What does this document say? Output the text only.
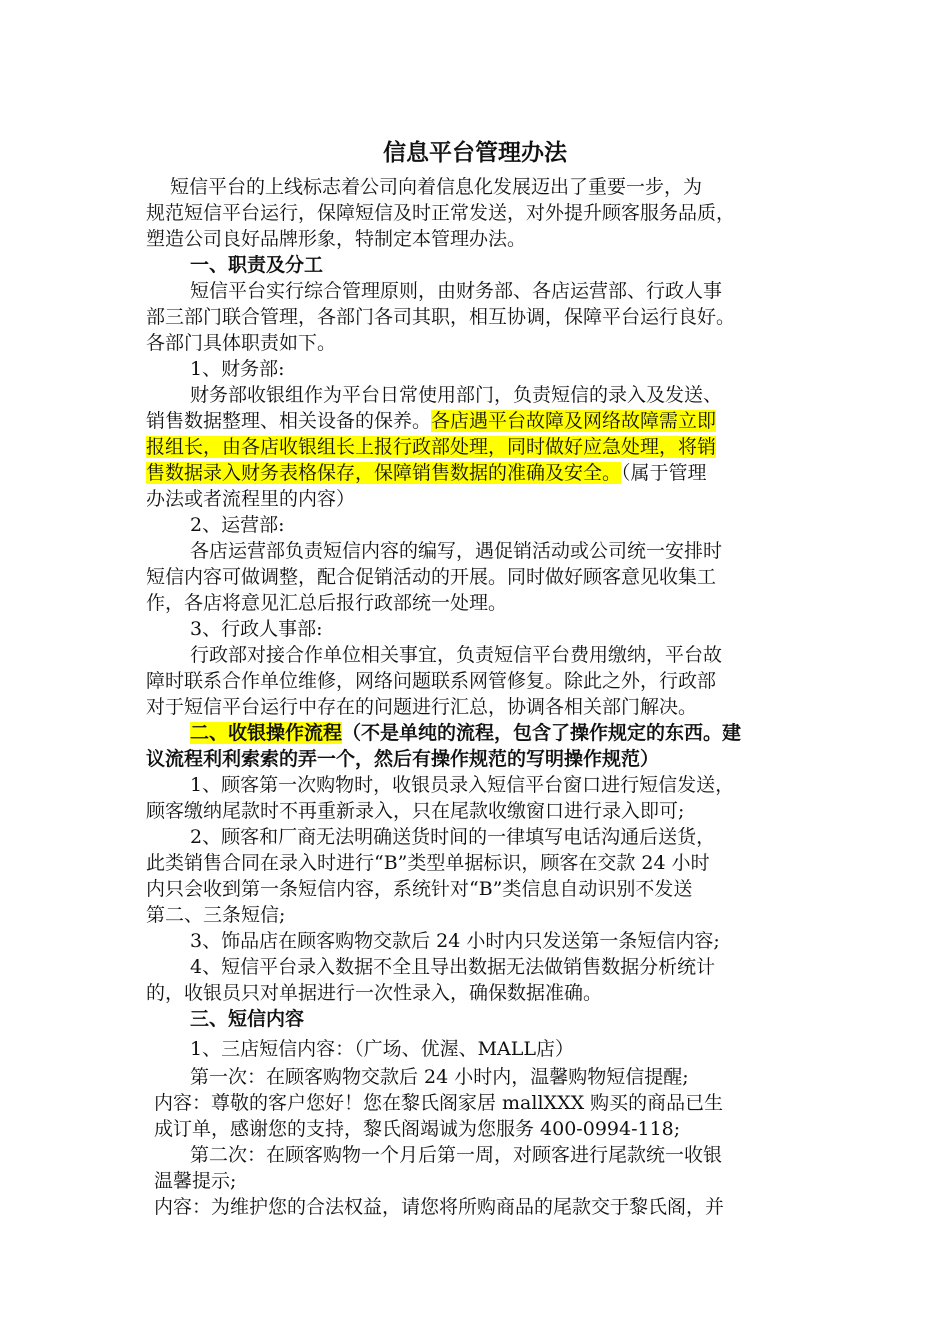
信息平台管理办法
短信平台的上线标志着公司向着信息化发展迈出了重要一步，为
规范短信平台运行，保障短信及时正常发送，对外提升顾客服务品质，
塑造公司良好品牌形象，特制定本管理办法。
一、职责及分工
短信平台实行综合管理原则，由财务部、各店运营部、行政人事
部三部门联合管理，各部门各司其职，相互协调，保障平台运行良好。
各部门具体职责如下。
1、财务部:
财务部收银组作为平台日常使用部门，负责短信的录入及发送、
销售数据整理、相关设备的保养。各店遇平台故障及网络故障需立即
报组长，由各店收银组长上报行政部处理，同时做好应急处理，将销
售数据录入财务表格保存，保障销售数据的准确及安全。（属于管理
办法或者流程里的内容）
2、运营部:
各店运营部负责短信内容的编写，遇促销活动或公司统一安排时
短信内容可做调整，配合促销活动的开展。同时做好顾客意见收集工
作，各店将意见汇总后报行政部统一处理。
3、行政人事部:
行政部对接合作单位相关事宜，负责短信平台费用缴纳，平台故
障时联系合作单位维修，网络问题联系网管修复。除此之外，行政部
对于短信平台运行中存在的问题进行汇总，协调各相关部门解决。
二、收银操作流程（不是单纯的流程，包含了操作规定的东西。建
议流程利利索索的弄一个，然后有操作规范的写明操作规范）
1、顾客第一次购物时，收银员录入短信平台窗口进行短信发送，
顾客缴纳尾款时不再重新录入，只在尾款收缴窗口进行录入即可;
2、顾客和厂商无法明确送货时间的一律填写电话沟通后送货，
此类销售合同在录入时进行“B”类型单据标识，顾客在交款 24 小时
内只会收到第一条短信内容，系统针对“B”类信息自动识别不发送
第二、三条短信;
3、饰品店在顾客购物交款后 24 小时内只发送第一条短信内容;
4、短信平台录入数据不全且导出数据无法做销售数据分析统计
的，收银员只对单据进行一次性录入，确保数据准确。
三、短信内容
1、三店短信内容：（广场、优渥、MALL店）
第一次：在顾客购物交款后 24 小时内，温馨购物短信提醒;
内容：尊敬的客户您好！您在黎氏阁家居 mallXXX 购买的商品已生
成订单，感谢您的支持，黎氏阁竭诚为您服务 400-0994-118;
第二次：在顾客购物一个月后第一周，对顾客进行尾款统一收银
温馨提示;
内容：为维护您的合法权益，请您将所购商品的尾款交于黎氏阁，并
